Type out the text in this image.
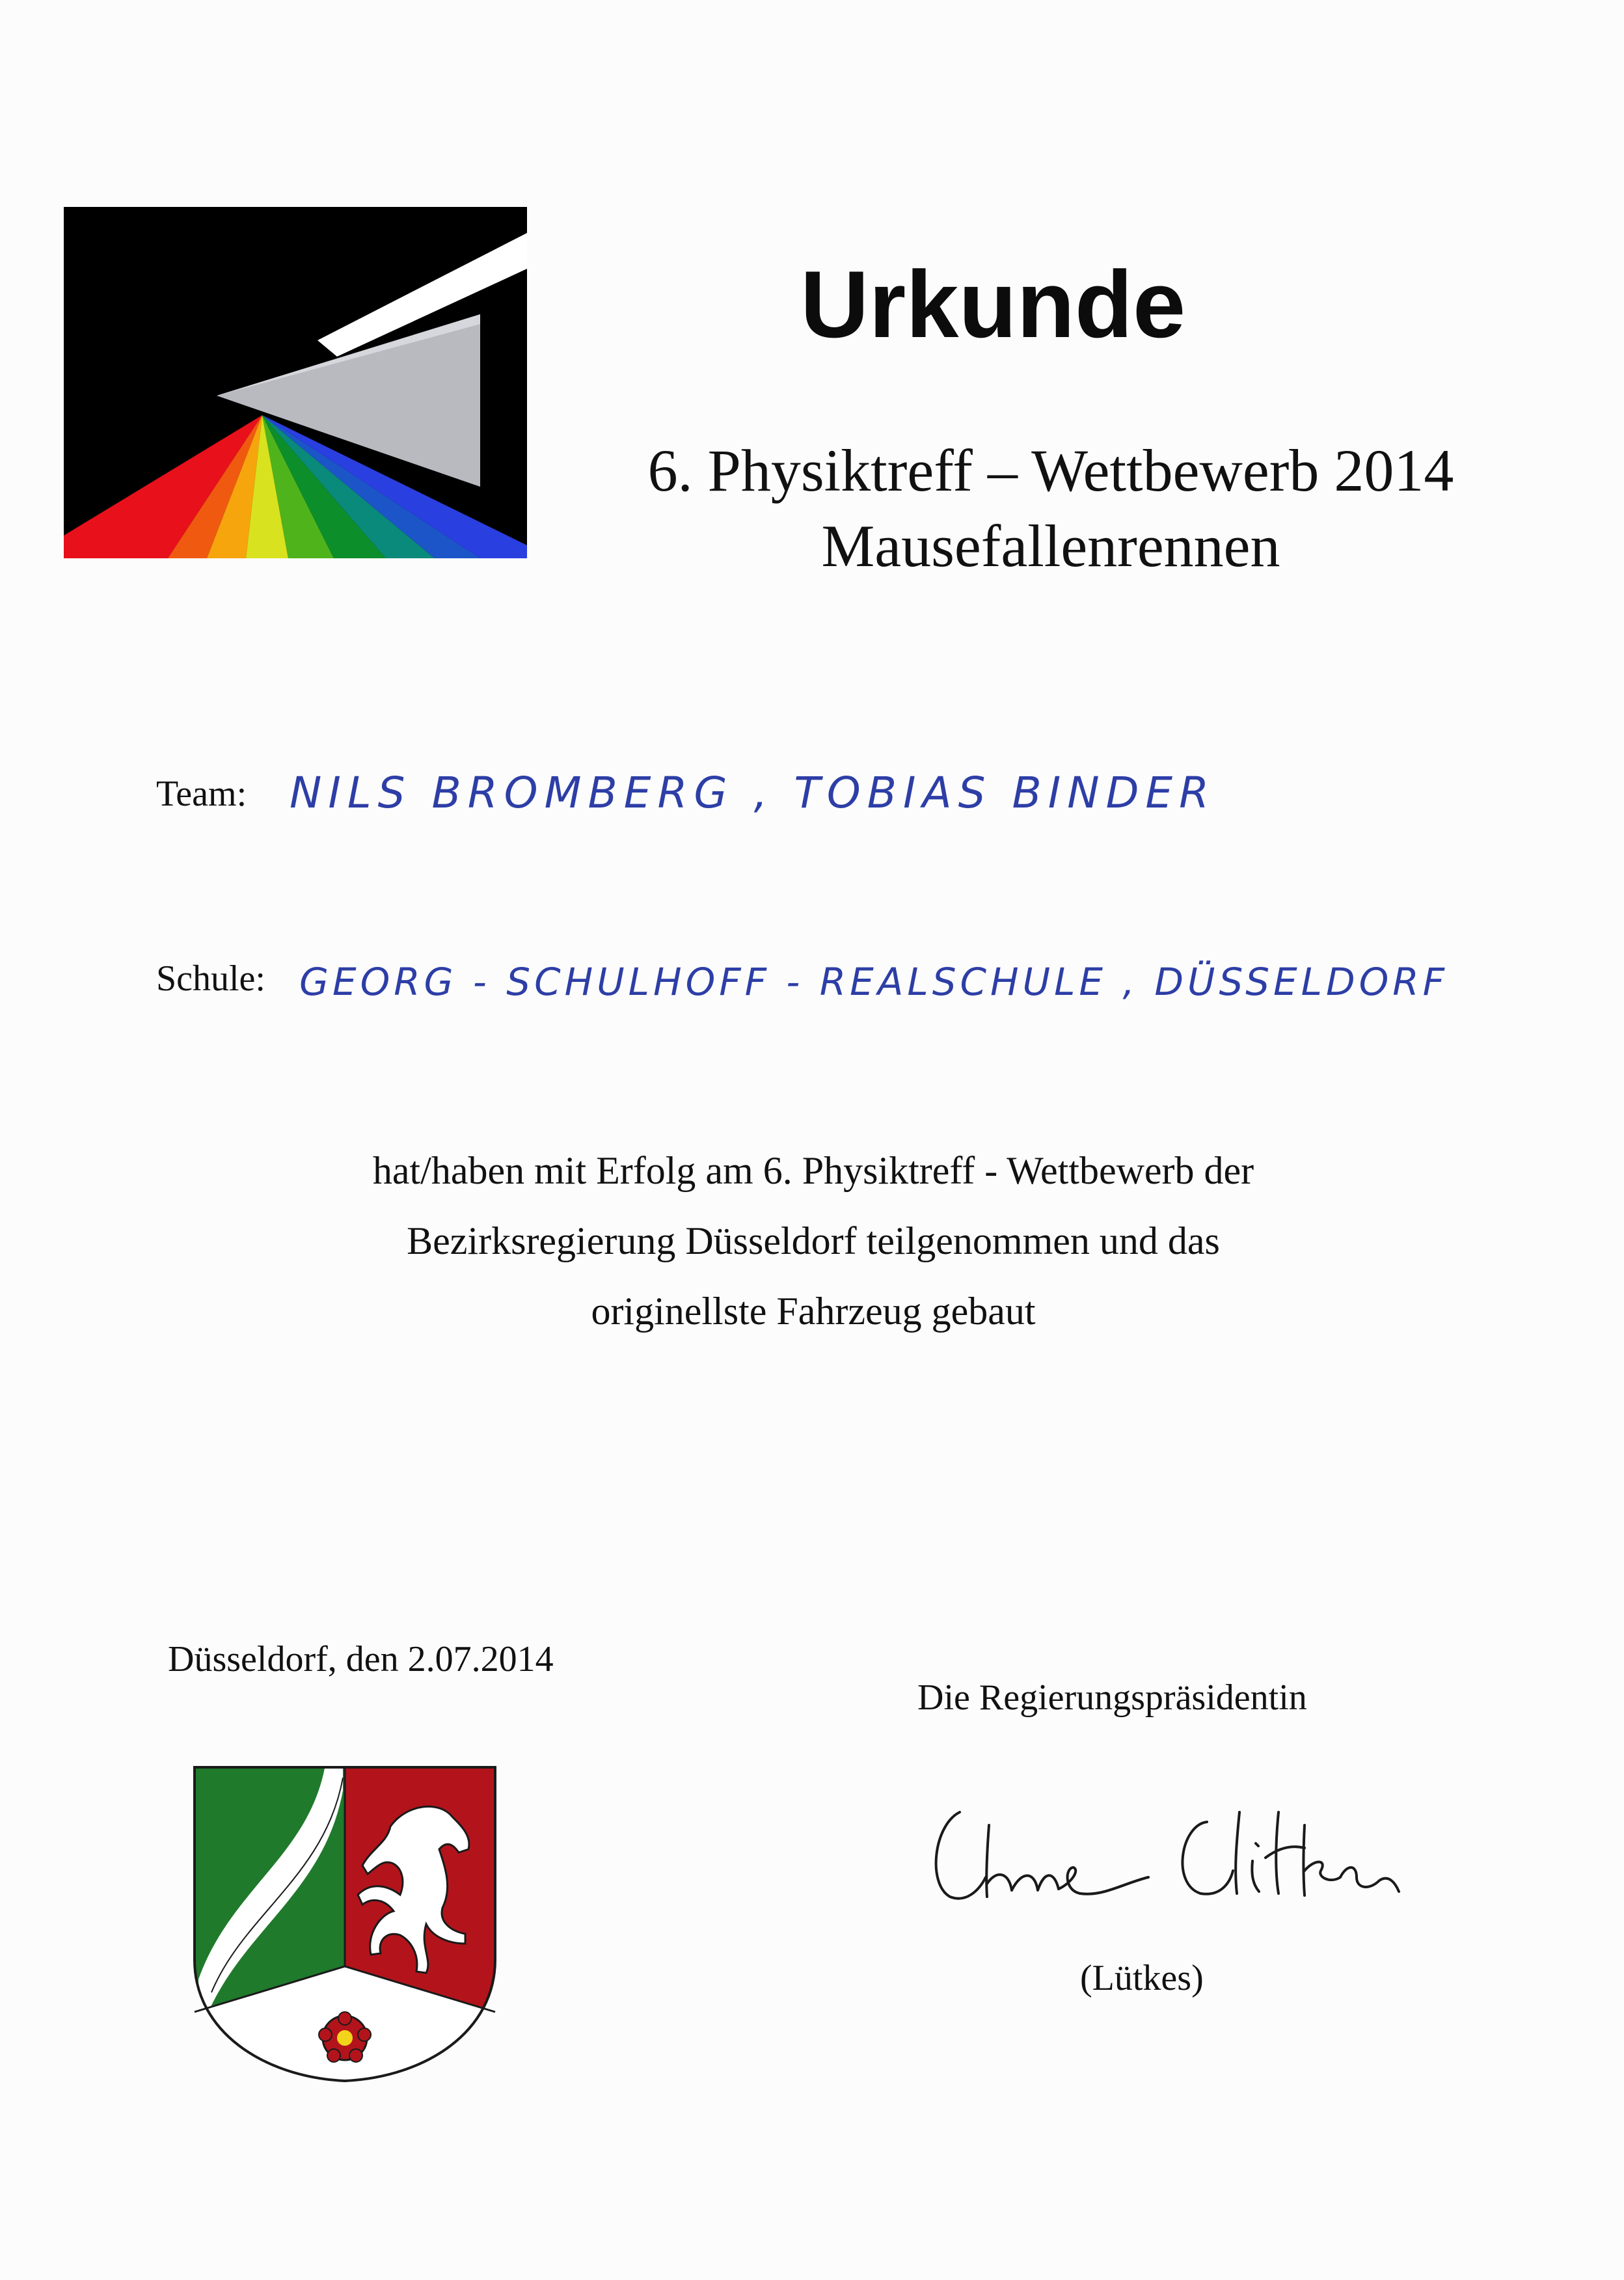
Urkunde
6. Physiktreff – Wettbewerb 2014
Mausefallenrennen
Team: NILS BROMBERG , TOBIAS BINDER
Schule: GEORG - SCHULHOFF - REALSCHULE , DÜSSELDORF
hat/haben mit Erfolg am 6. Physiktreff - Wettbewerb der
Bezirksregierung Düsseldorf teilgenommen und das
originellste Fahrzeug gebaut
Düsseldorf, den 2.07.2014
Die Regierungspräsidentin
(Lütkes)
